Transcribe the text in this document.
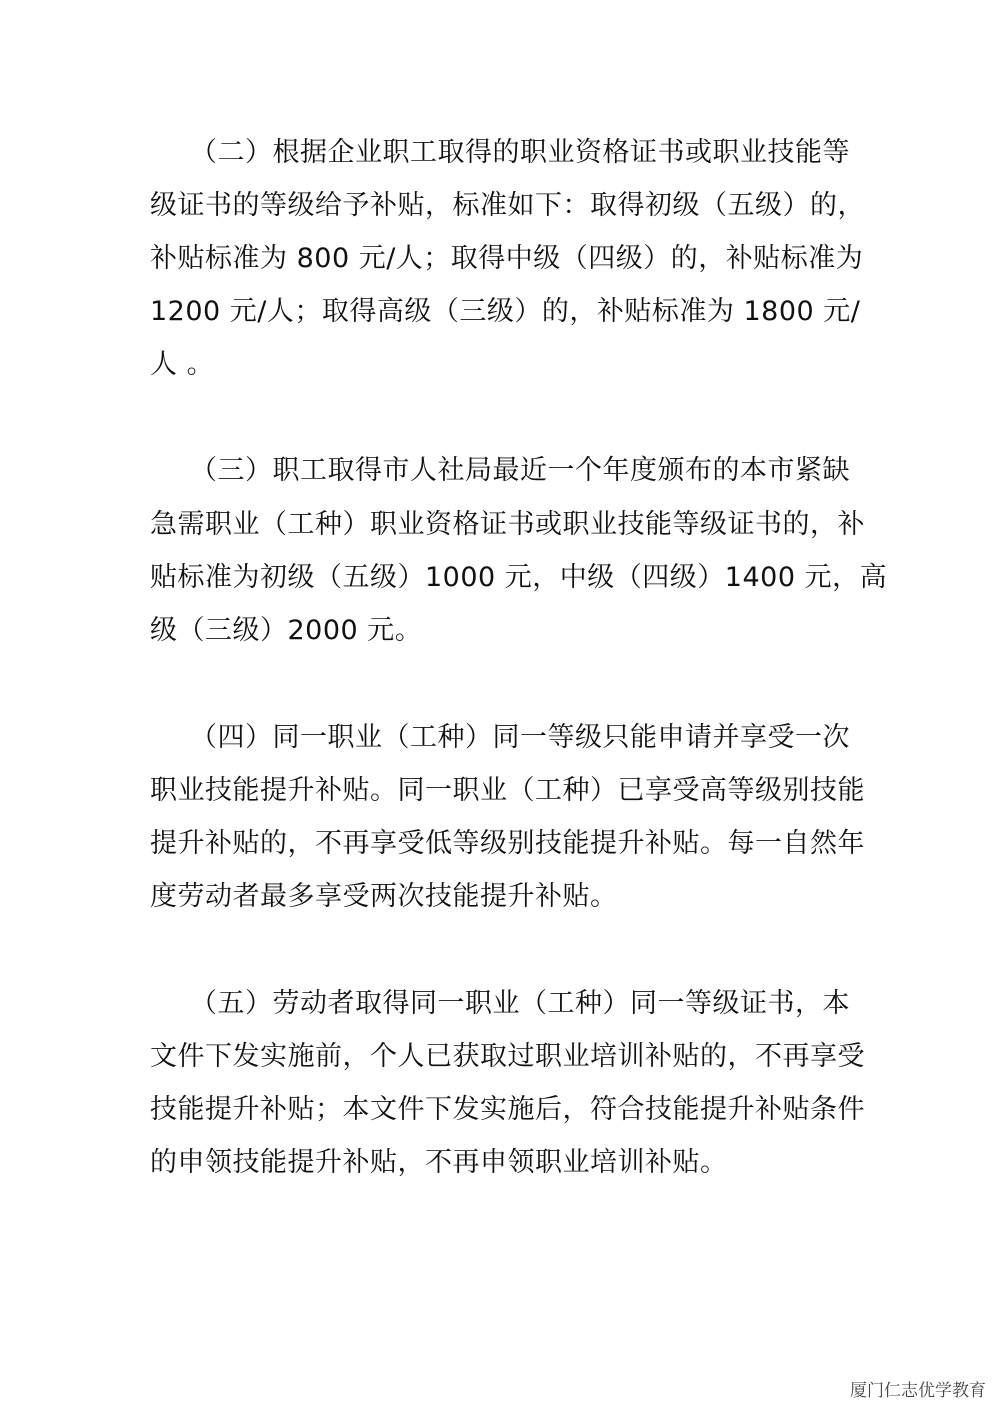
（二）根据企业职工取得的职业资格证书或职业技能等
级证书的等级给予补贴，标准如下：取得初级（五级）的，
补贴标准为 800 元/人；取得中级（四级）的，补贴标准为
1200 元/人；取得高级（三级）的，补贴标准为 1800 元/
人 。
（三）职工取得市人社局最近一个年度颁布的本市紧缺
急需职业（工种）职业资格证书或职业技能等级证书的，补
贴标准为初级（五级）1000 元，中级（四级）1400 元，高
级（三级）2000 元。
（四）同一职业（工种）同一等级只能申请并享受一次
职业技能提升补贴。同一职业（工种）已享受高等级别技能
提升补贴的，不再享受低等级别技能提升补贴。每一自然年
度劳动者最多享受两次技能提升补贴。
（五）劳动者取得同一职业（工种）同一等级证书，本
文件下发实施前，个人已获取过职业培训补贴的，不再享受
技能提升补贴；本文件下发实施后，符合技能提升补贴条件
的申领技能提升补贴，不再申领职业培训补贴。
厦门仁志优学教育
